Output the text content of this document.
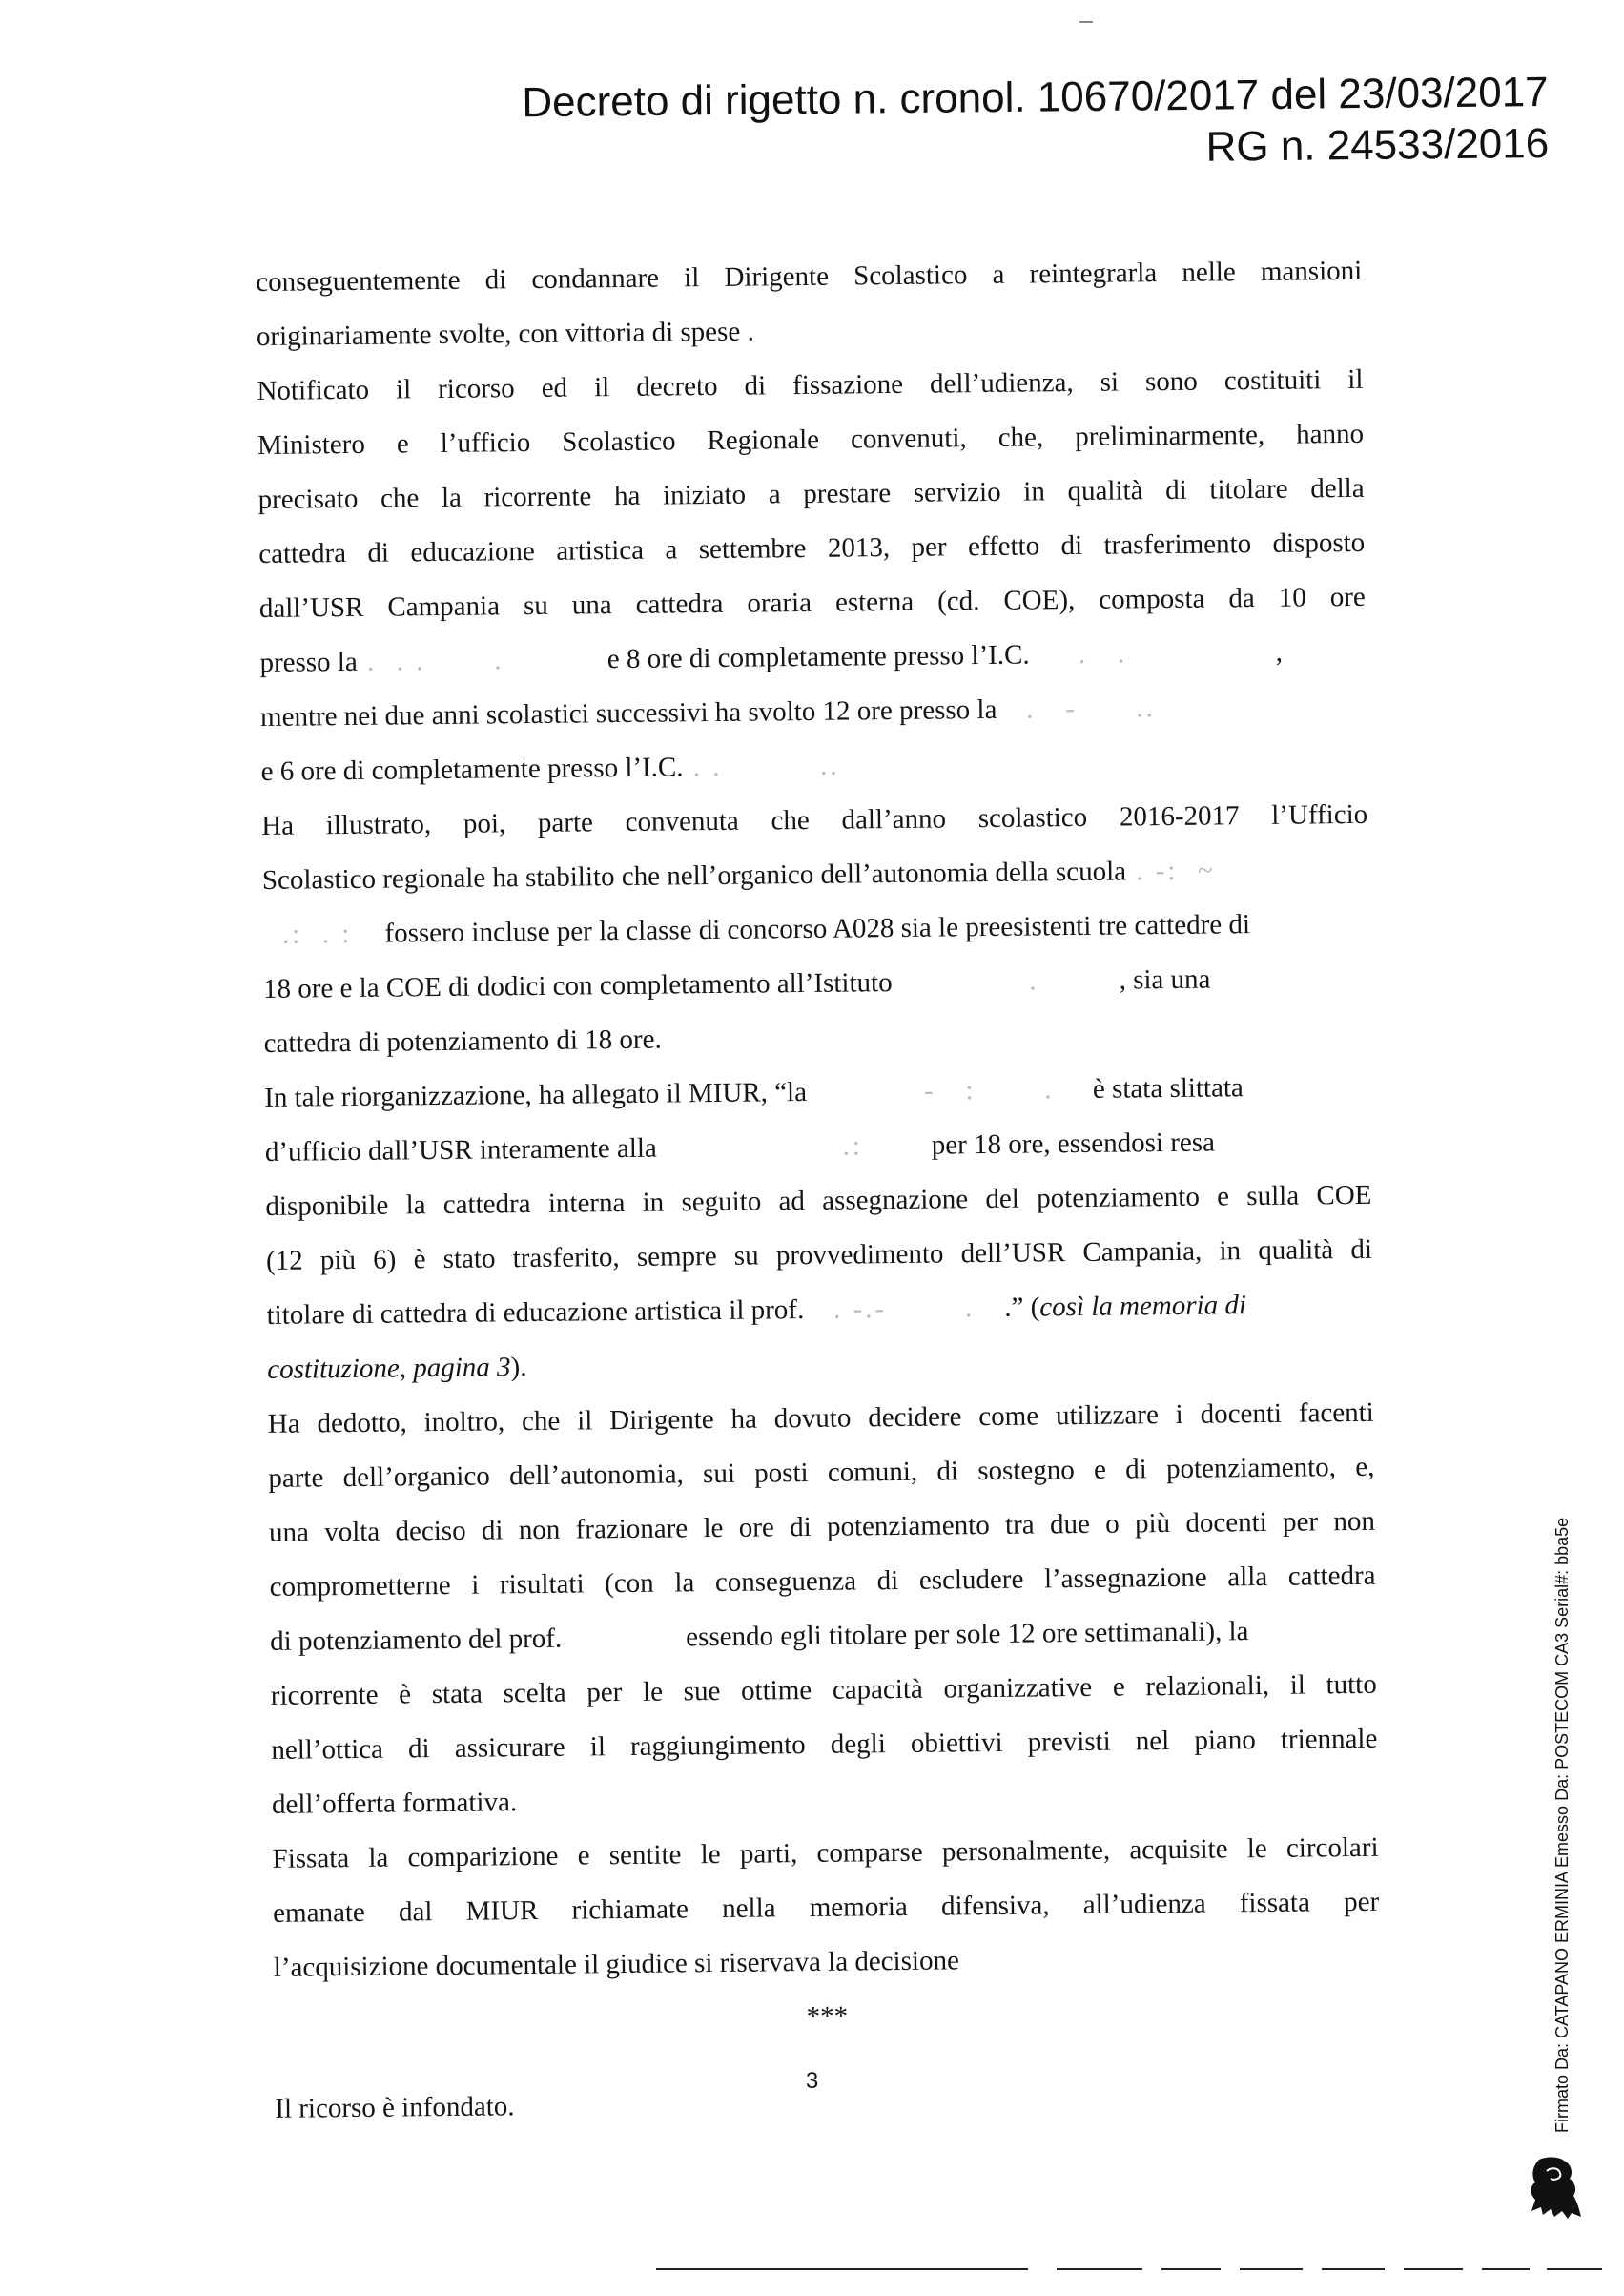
Decreto di rigetto n. cronol. 10670/2017 del 23/03/2017
RG n. 24533/2016
conseguentemente di condannare il Dirigente Scolastico a reintegrarla nelle mansioni
originariamente svolte, con vittoria di spese .
Notificato il ricorso ed il decreto di fissazione dell’udienza, si sono costituiti il
Ministero e l’ufficio Scolastico Regionale convenuti, che, preliminarmente, hanno
precisato che la ricorrente ha iniziato a prestare servizio in qualità di titolare della
cattedra di educazione artistica a settembre 2013, per effetto di trasferimento disposto
dall’USR Campania su una cattedra oraria esterna (cd. COE), composta da 10 ore
presso la .  . .       .	e 8 ore di completamente presso l’I.C.     .   .	,
mentre nei due anni scolastici successivi ha svolto 12 ore presso la   .   -      ..
e 6 ore di completamente presso l’I.C. . .          ..
Ha illustrato, poi, parte convenuta che dall’anno scolastico 2016-2017 l’Ufficio
Scolastico regionale ha stabilito che nell’organico dell’autonomia della scuola . -:  ~
.:  . : fossero incluse per la classe di concorso A028 sia le preesistenti tre cattedre di
18 ore e la COE di dodici con completamento all’Istituto              .	, sia una
cattedra di potenziamento di 18 ore.
In tale riorganizzazione, ha allegato il MIUR, “la            -   :       . è stata slittata
d’ufficio dall’USR interamente alla                   .: per 18 ore, essendosi resa
disponibile la cattedra interna in seguito ad assegnazione del potenziamento e sulla COE
(12 più 6) è stato trasferito, sempre su provvedimento dell’USR Campania, in qualità di
titolare di cattedra di educazione artistica il prof.   . -.-        . .” (così la memoria di
costituzione, pagina 3).
Ha dedotto, inoltro, che il Dirigente ha dovuto decidere come utilizzare i docenti facenti
parte dell’organico dell’autonomia, sui posti comuni, di sostegno e di potenziamento, e,
una volta deciso di non frazionare le ore di potenziamento tra due o più docenti per non
comprometterne i risultati (con la conseguenza di escludere l’assegnazione alla cattedra
di potenziamento del prof.	essendo egli titolare per sole 12 ore settimanali), la
ricorrente è stata scelta per le sue ottime capacità organizzative e relazionali, il tutto
nell’ottica di assicurare il raggiungimento degli obiettivi previsti nel piano triennale
dell’offerta formativa.
Fissata la comparizione e sentite le parti, comparse personalmente, acquisite le circolari
emanate dal MIUR richiamate nella memoria difensiva, all’udienza fissata per
l’acquisizione documentale il giudice si riservava la decisione
***
Il ricorso è infondato.
3	Firmato Da: CATAPANO ERMINIA Emesso Da: POSTECOM CA3 Serial#: bba5e
